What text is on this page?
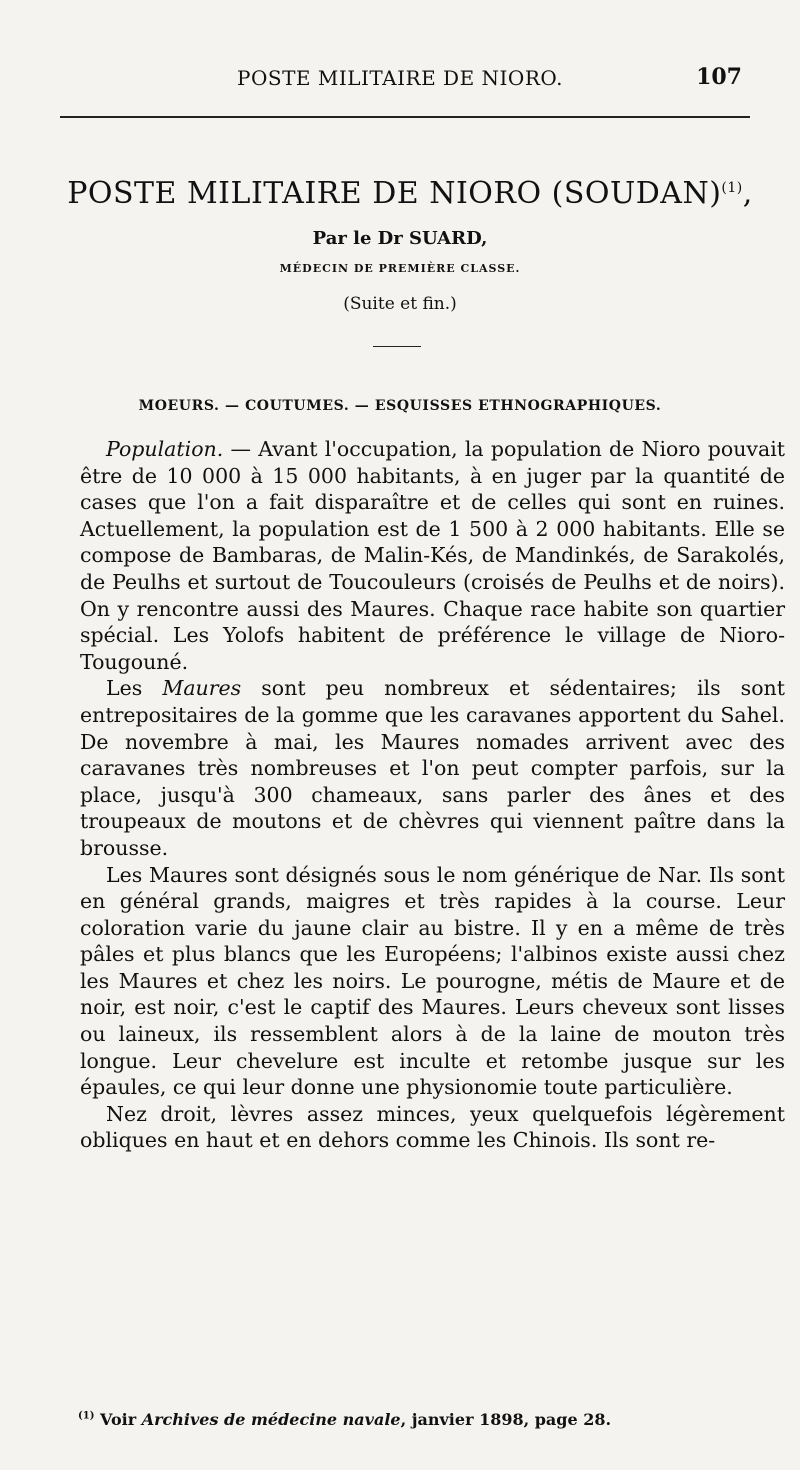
POSTE MILITAIRE DE NIORO.	107
POSTE MILITAIRE DE NIORO (SOUDAN)$^{(1)}$,
Par le Dr SUARD,
MÉDECIN DE PREMIÈRE CLASSE.
(Suite et fin.)
MOEURS. — COUTUMES. — ESQUISSES ETHNOGRAPHIQUES.

Population. — Avant l'occupation, la population de Nioro pouvait être de 10 000 à 15 000 habitants, à en juger par la quantité de cases que l'on a fait disparaître et de celles qui sont en ruines. Actuellement, la population est de 1 500 à 2 000 habitants. Elle se compose de Bambaras, de Malin-Kés, de Mandinkés, de Sarakolés, de Peulhs et surtout de Toucouleurs (croisés de Peulhs et de noirs). On y rencontre aussi des Maures. Chaque race habite son quartier spécial. Les Yolofs habitent de préférence le village de Nioro-Tougouné.

Les Maures sont peu nombreux et sédentaires; ils sont entrepositaires de la gomme que les caravanes apportent du Sahel. De novembre à mai, les Maures nomades arrivent avec des caravanes très nombreuses et l'on peut compter parfois, sur la place, jusqu'à 300 chameaux, sans parler des ânes et des troupeaux de moutons et de chèvres qui viennent paître dans la brousse.

Les Maures sont désignés sous le nom générique de Nar. Ils sont en général grands, maigres et très rapides à la course. Leur coloration varie du jaune clair au bistre. Il y en a même de très pâles et plus blancs que les Européens; l'albinos existe aussi chez les Maures et chez les noirs. Le pourogne, métis de Maure et de noir, est noir, c'est le captif des Maures. Leurs cheveux sont lisses ou laineux, ils ressemblent alors à de la laine de mouton très longue. Leur chevelure est inculte et retombe jusque sur les épaules, ce qui leur donne une physionomie toute particulière.

Nez droit, lèvres assez minces, yeux quelquefois légèrement obliques en haut et en dehors comme les Chinois. Ils sont re-

$^{(1)}$ Voir Archives de médecine navale, janvier 1898, page 28.
